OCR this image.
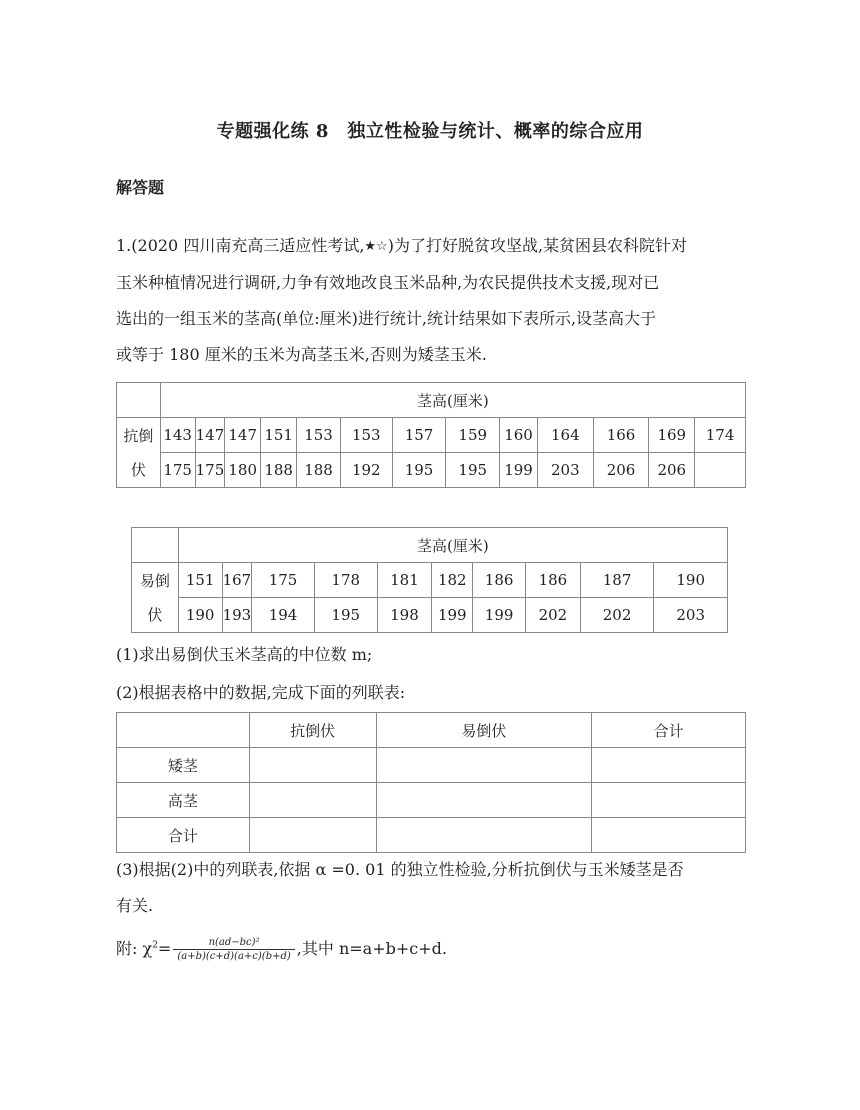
专题强化练 8　独立性检验与统计、概率的综合应用
解答题
1.(2020 四川南充高三适应性考试,★☆)为了打好脱贫攻坚战,某贫困县农科院针对
玉米种植情况进行调研,力争有效地改良玉米品种,为农民提供技术支援,现对已
选出的一组玉米的茎高(单位:厘米)进行统计,统计结果如下表所示,设茎高大于
或等于 180 厘米的玉米为高茎玉米,否则为矮茎玉米.
	茎高(厘米)												

抗倒
伏	143	147	147	151	153	153	157	159	160	164	166	169	174
	175	175	180	188	188	192	195	195	199	203	206	206	
	茎高(厘米)									

易倒
伏	151	167	175	178	181	182	186	186	187	190
	190	193	194	195	198	199	199	202	202	203
(1)求出易倒伏玉米茎高的中位数 m;
(2)根据表格中的数据,完成下面的列联表:
	抗倒伏	易倒伏	合计
矮茎			
高茎			
合计			
(3)根据(2)中的列联表,依据 α =0. 01 的独立性检验,分析抗倒伏与玉米矮茎是否
有关.
附: $\chi^2= \frac{\text{n(ad−bc)²}}{(a+b)(c+d)(a+c)(b+d)}$ ,其中 n=a+b+c+d.
